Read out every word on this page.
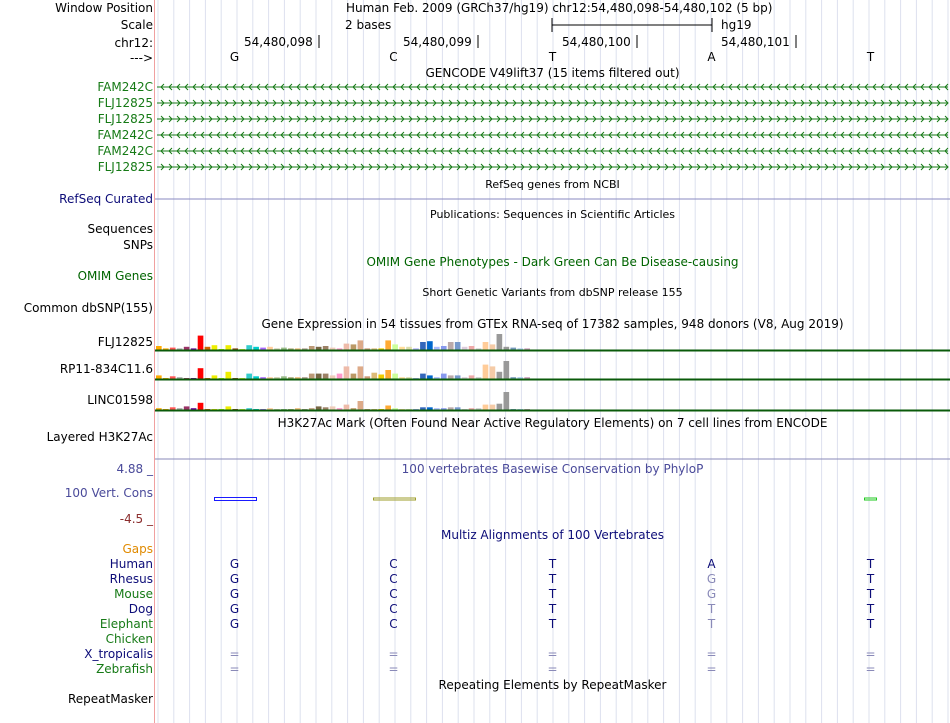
Window Position	Human Feb. 2009 (GRCh37/hg19) chr12:54,480,098-54,480,102 (5 bp)
Scale	2 bases	hg19
chr12:
--->
54,480,098	54,480,099	54,480,100	54,480,101
G	C	T	A	T
GENCODE V49lift37 (15 items filtered out)
FAM242C
FLJ12825
FLJ12825
FAM242C
FAM242C
FLJ12825
RefSeq genes from NCBI
RefSeq Curated
Publications: Sequences in Scientific Articles
Sequences
SNPs
OMIM Gene Phenotypes - Dark Green Can Be Disease-causing
OMIM Genes
Short Genetic Variants from dbSNP release 155
Common dbSNP(155)
Gene Expression in 54 tissues from GTEx RNA-seq of 17382 samples, 948 donors (V8, Aug 2019)
FLJ12825
RP11-834C11.6
LINC01598
H3K27Ac Mark (Often Found Near Active Regulatory Elements) on 7 cell lines from ENCODE
Layered H3K27Ac
100 vertebrates Basewise Conservation by PhyloP
4.88 _
100 Vert. Cons
-4.5 _
Multiz Alignments of 100 Vertebrates
Gaps
Human	G	C	T	A	T
Rhesus	G	C	T	G	T
Mouse	G	C	T	G	T
Dog	G	C	T	T	T
Elephant	G	C	T	T	T
Chicken
X_tropicalis	=	=	=	=	=
Zebrafish	=	=	=	=	=
Repeating Elements by RepeatMasker
RepeatMasker
